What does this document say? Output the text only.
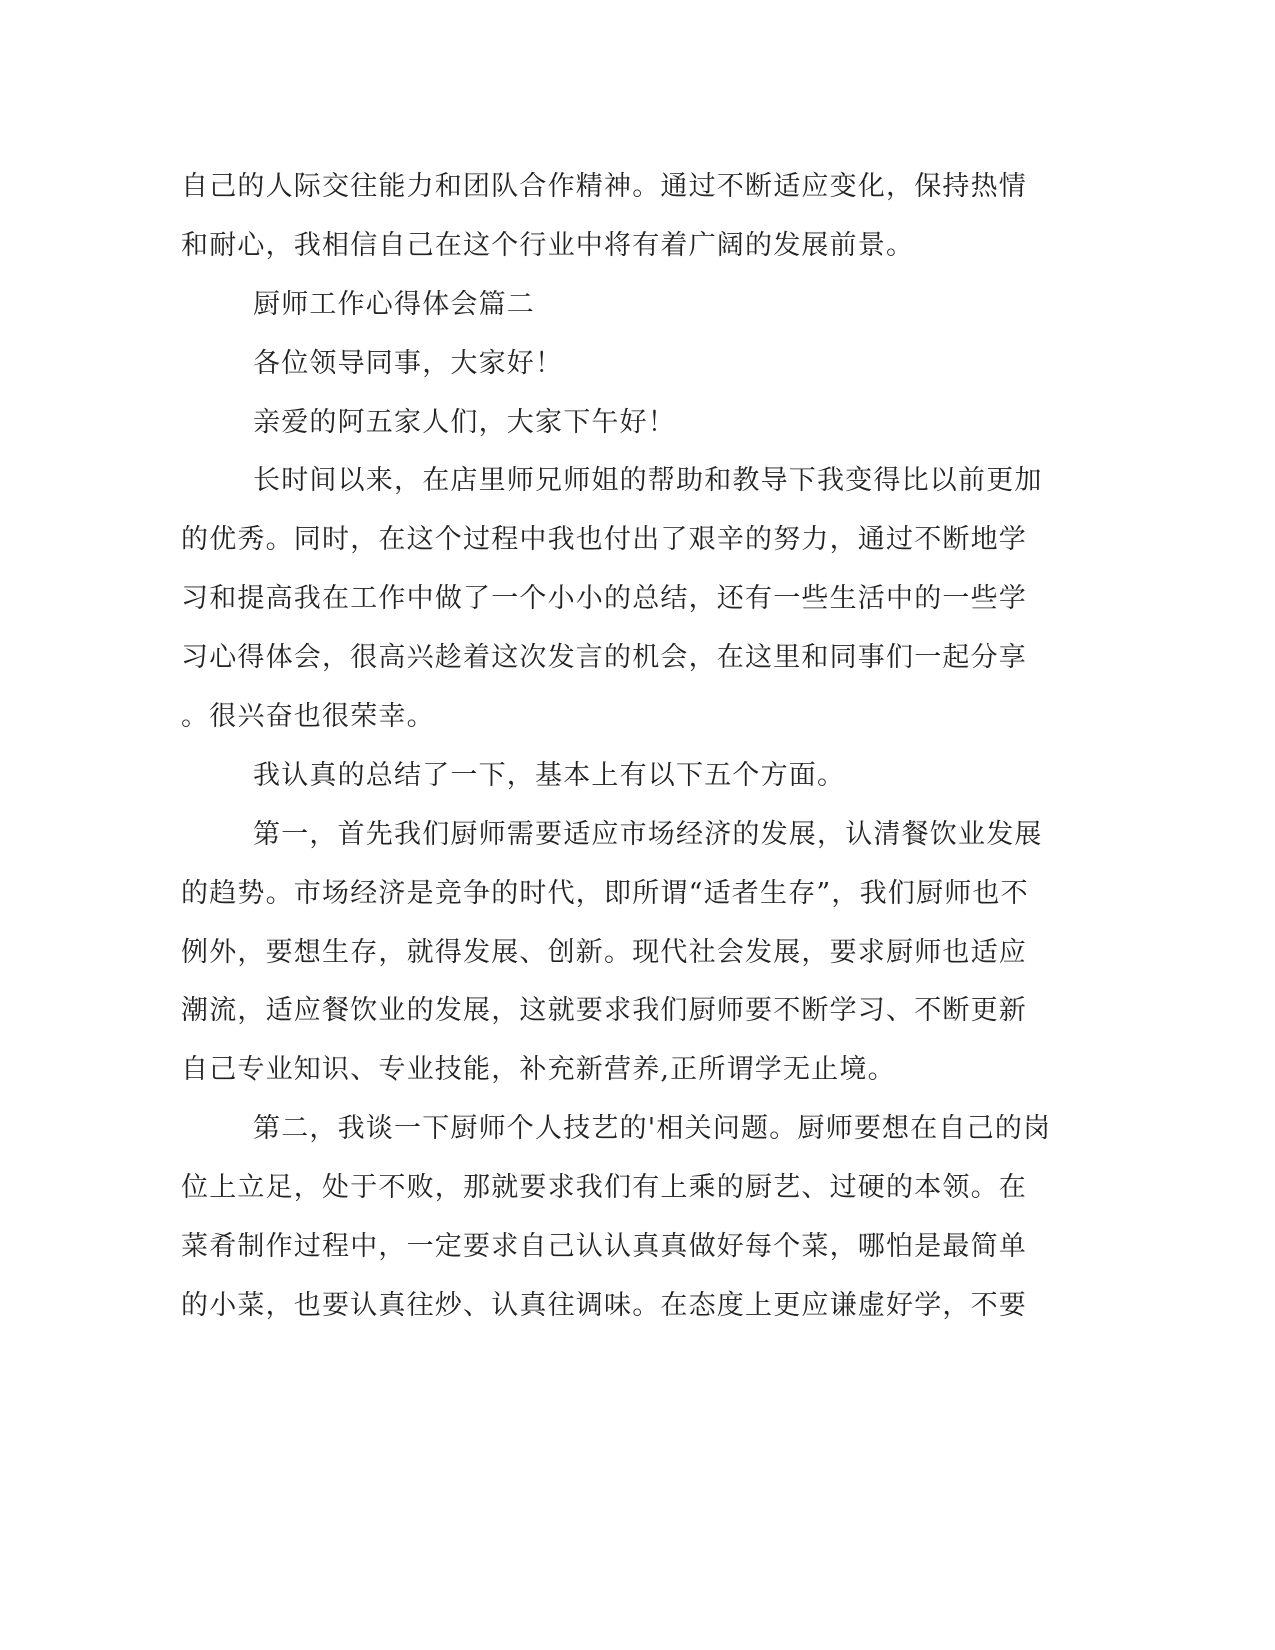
自己的人际交往能力和团队合作精神。通过不断适应变化，保持热情
和耐心，我相信自己在这个行业中将有着广阔的发展前景。
厨师工作心得体会篇二
各位领导同事，大家好！
亲爱的阿五家人们，大家下午好！
长时间以来，在店里师兄师姐的帮助和教导下我变得比以前更加
的优秀。同时，在这个过程中我也付出了艰辛的努力，通过不断地学
习和提高我在工作中做了一个小小的总结，还有一些生活中的一些学
习心得体会，很高兴趁着这次发言的机会，在这里和同事们一起分享
。很兴奋也很荣幸。
我认真的总结了一下，基本上有以下五个方面。
第一，首先我们厨师需要适应市场经济的发展，认清餐饮业发展
的趋势。市场经济是竞争的时代，即所谓“适者生存”，我们厨师也不
例外，要想生存，就得发展、创新。现代社会发展，要求厨师也适应
潮流，适应餐饮业的发展，这就要求我们厨师要不断学习、不断更新
自己专业知识、专业技能，补充新营养,正所谓学无止境。
第二，我谈一下厨师个人技艺的'相关问题。厨师要想在自己的岗
位上立足，处于不败，那就要求我们有上乘的厨艺、过硬的本领。在
菜肴制作过程中，一定要求自己认认真真做好每个菜，哪怕是最简单
的小菜，也要认真往炒、认真往调味。在态度上更应谦虚好学，不要
